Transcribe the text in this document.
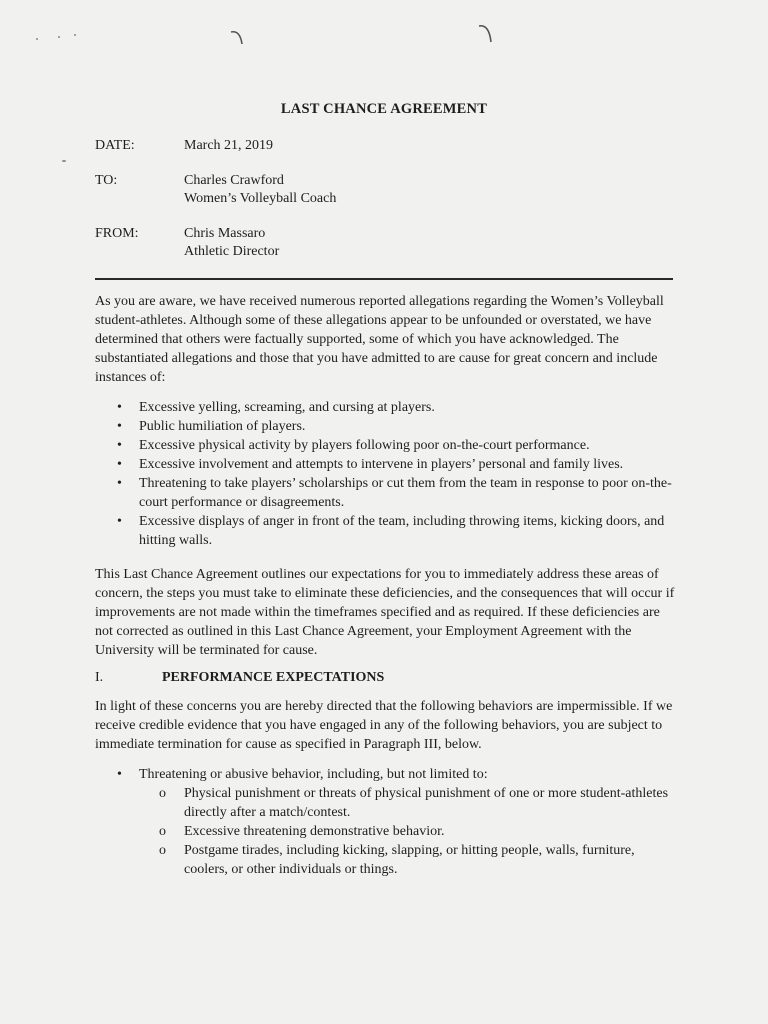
LAST CHANCE AGREEMENT
DATE:	March 21, 2019
TO:	Charles Crawford
Women’s Volleyball Coach
FROM:	Chris Massaro
Athletic Director

As you are aware, we have received numerous reported allegations regarding the Women’s Volleyball student-athletes. Although some of these allegations appear to be unfounded or overstated, we have determined that others were factually supported, some of which you have acknowledged. The substantiated allegations and those that you have admitted to are cause for great concern and include instances of:

• Excessive yelling, screaming, and cursing at players.
• Public humiliation of players.
• Excessive physical activity by players following poor on-the-court performance.
• Excessive involvement and attempts to intervene in players’ personal and family lives.
• Threatening to take players’ scholarships or cut them from the team in response to poor on-the-court performance or disagreements.
• Excessive displays of anger in front of the team, including throwing items, kicking doors, and hitting walls.

This Last Chance Agreement outlines our expectations for you to immediately address these areas of concern, the steps you must take to eliminate these deficiencies, and the consequences that will occur if improvements are not made within the timeframes specified and as required. If these deficiencies are not corrected as outlined in this Last Chance Agreement, your Employment Agreement with the University will be terminated for cause.

I.	PERFORMANCE EXPECTATIONS

In light of these concerns you are hereby directed that the following behaviors are impermissible. If we receive credible evidence that you have engaged in any of the following behaviors, you are subject to immediate termination for cause as specified in Paragraph III, below.

• Threatening or abusive behavior, including, but not limited to:
o Physical punishment or threats of physical punishment of one or more student-athletes directly after a match/contest.
o Excessive threatening demonstrative behavior.
o Postgame tirades, including kicking, slapping, or hitting people, walls, furniture, coolers, or other individuals or things.
